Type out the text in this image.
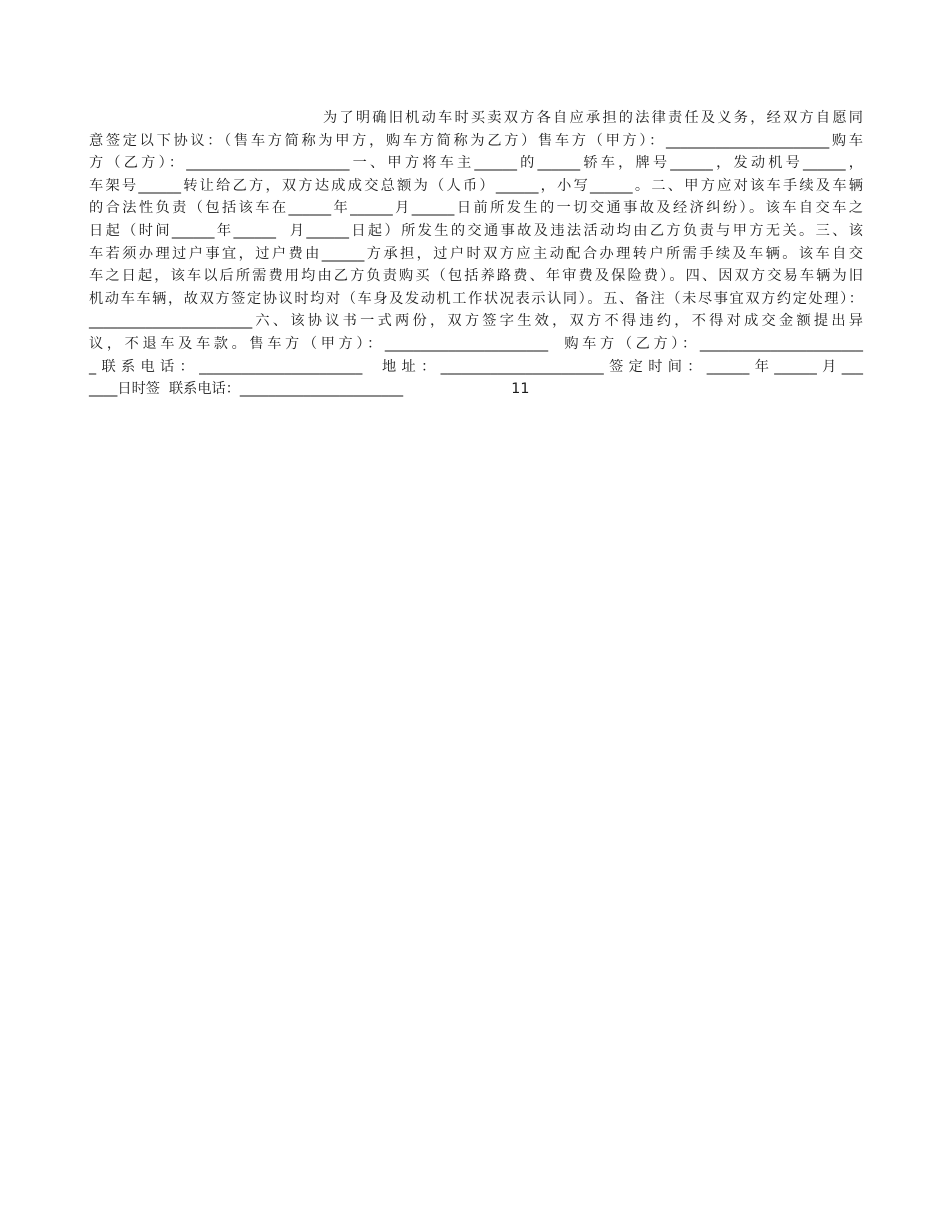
为了明确旧机动车时买卖双方各自应承担的法律责任及义务，经双方自愿同
意签定以下协议：（售车方简称为甲方，购车方简称为乙方）售车方（甲方）：_______________________购车
方（乙方）：_______________________一、甲方将车主______的______轿车，牌号______，发动机号______，
车架号______转让给乙方，双方达成成交总额为（人币）______，小写______。二、甲方应对该车手续及车辆
的合法性负责（包括该车在______年______月______日前所发生的一切交通事故及经济纠纷）。该车自交车之
日起（时间______年______  月______日起）所发生的交通事故及违法活动均由乙方负责与甲方无关。三、该
车若须办理过户事宜，过户费由______方承担，过户时双方应主动配合办理转户所需手续及车辆。该车自交
车之日起，该车以后所需费用均由乙方负责购买（包括养路费、年审费及保险费）。四、因双方交易车辆为旧
机动车车辆，故双方签定协议时均对（车身及发动机工作状况表示认同）。五、备注（未尽事宜双方约定处理）：
_______________________六、该协议书一式两份，双方签字生效，双方不得违约，不得对成交金额提出异
议，不退车及车款。售车方（甲方）：_______________________  购车方（乙方）：_______________________
_联系电话：_______________________  地址：_______________________签定时间：______年______月___
____日时签  联系电话：_______________________                        11
